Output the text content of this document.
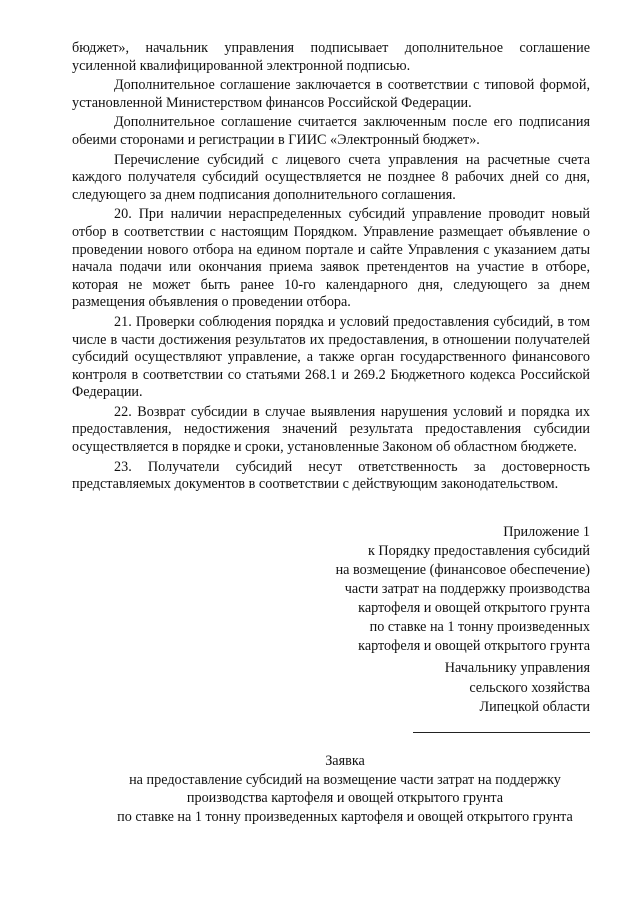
бюджет», начальник управления подписывает дополнительное соглашение усиленной квалифицированной электронной подписью.

Дополнительное соглашение заключается в соответствии с типовой формой, установленной Министерством финансов Российской Федерации.

Дополнительное соглашение считается заключенным после его подписания обеими сторонами и регистрации в ГИИС «Электронный бюджет».

Перечисление субсидий с лицевого счета управления на расчетные счета каждого получателя субсидий осуществляется не позднее 8 рабочих дней со дня, следующего за днем подписания дополнительного соглашения.

20. При наличии нераспределенных субсидий управление проводит новый отбор в соответствии с настоящим Порядком. Управление размещает объявление о проведении нового отбора на едином портале и сайте Управления с указанием даты начала подачи или окончания приема заявок претендентов на участие в отборе, которая не может быть ранее 10-го календарного дня, следующего за днем размещения объявления о проведении отбора.

21. Проверки соблюдения порядка и условий предоставления субсидий, в том числе в части достижения результатов их предоставления, в отношении получателей субсидий осуществляют управление, а также орган государственного финансового контроля в соответствии со статьями 268.1 и 269.2 Бюджетного кодекса Российской Федерации.

22. Возврат субсидии в случае выявления нарушения условий и порядка их предоставления, недостижения значений результата предоставления субсидии осуществляется в порядке и сроки, установленные Законом об областном бюджете.

23. Получатели субсидий несут ответственность за достоверность представляемых документов в соответствии с действующим законодательством.

Приложение 1
к Порядку предоставления субсидий
на возмещение (финансовое обеспечение)
части затрат на поддержку производства
картофеля и овощей открытого грунта
по ставке на 1 тонну произведенных
картофеля и овощей открытого грунта
Начальнику управления
сельского хозяйства
Липецкой области
Заявка
на предоставление субсидий на возмещение части затрат на поддержку
производства картофеля и овощей открытого грунта
по ставке на 1 тонну произведенных картофеля и овощей открытого грунта
